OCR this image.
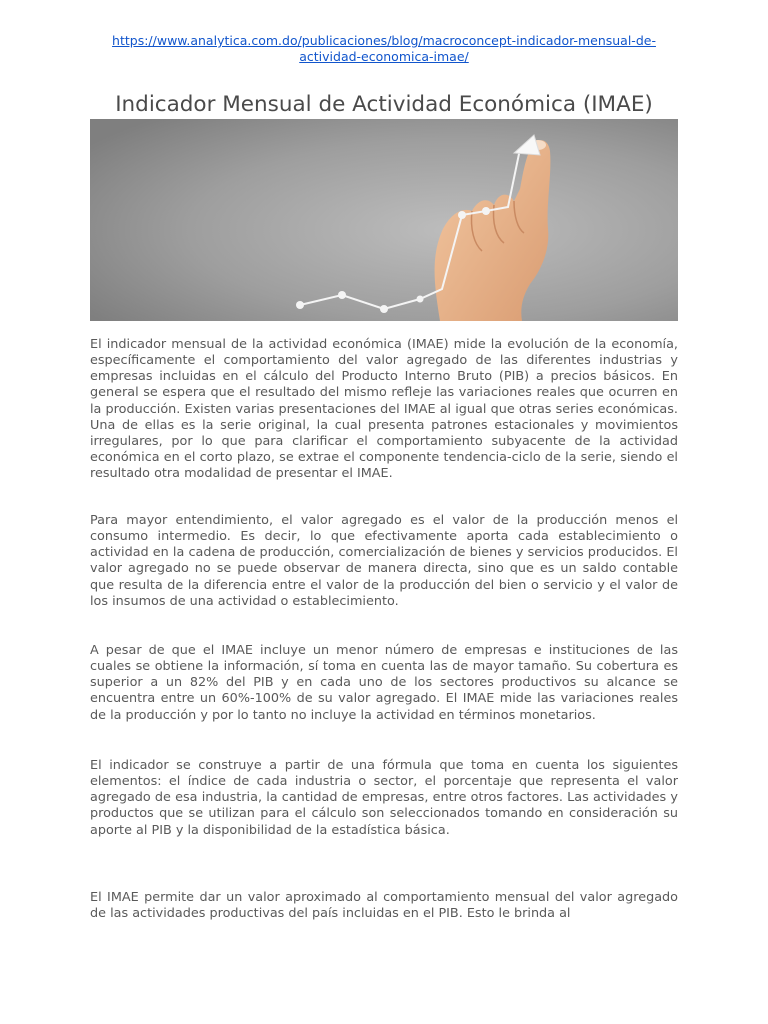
https://www.analytica.com.do/publicaciones/blog/macroconcept-indicador-mensual-de-actividad-economica-imae/
Indicador Mensual de Actividad Económica (IMAE)

El indicador mensual de la actividad económica (IMAE) mide la evolución de la economía, específicamente el comportamiento del valor agregado de las diferentes industrias y empresas incluidas en el cálculo del Producto Interno Bruto (PIB) a precios básicos. En general se espera que el resultado del mismo refleje las variaciones reales que ocurren en la producción. Existen varias presentaciones del IMAE al igual que otras series económicas. Una de ellas es la serie original, la cual presenta patrones estacionales y movimientos irregulares, por lo que para clarificar el comportamiento subyacente de la actividad económica en el corto plazo, se extrae el componente tendencia-ciclo de la serie, siendo el resultado otra modalidad de presentar el IMAE.

Para mayor entendimiento, el valor agregado es el valor de la producción menos el consumo intermedio. Es decir, lo que efectivamente aporta cada establecimiento o actividad en la cadena de producción, comercialización de bienes y servicios producidos. El valor agregado no se puede observar de manera directa, sino que es un saldo contable que resulta de la diferencia entre el valor de la producción del bien o servicio y el valor de los insumos de una actividad o establecimiento.

A pesar de que el IMAE incluye un menor número de empresas e instituciones de las cuales se obtiene la información, sí toma en cuenta las de mayor tamaño. Su cobertura es superior a un 82% del PIB y en cada uno de los sectores productivos su alcance se encuentra entre un 60%-100% de su valor agregado. El IMAE mide las variaciones reales de la producción y por lo tanto no incluye la actividad en términos monetarios.

El indicador se construye a partir de una fórmula que toma en cuenta los siguientes elementos: el índice de cada industria o sector, el porcentaje que representa el valor agregado de esa industria, la cantidad de empresas, entre otros factores. Las actividades y productos que se utilizan para el cálculo son seleccionados tomando en consideración su aporte al PIB y la disponibilidad de la estadística básica.

El IMAE permite dar un valor aproximado al comportamiento mensual del valor agregado de las actividades productivas del país incluidas en el PIB. Esto le brinda al
